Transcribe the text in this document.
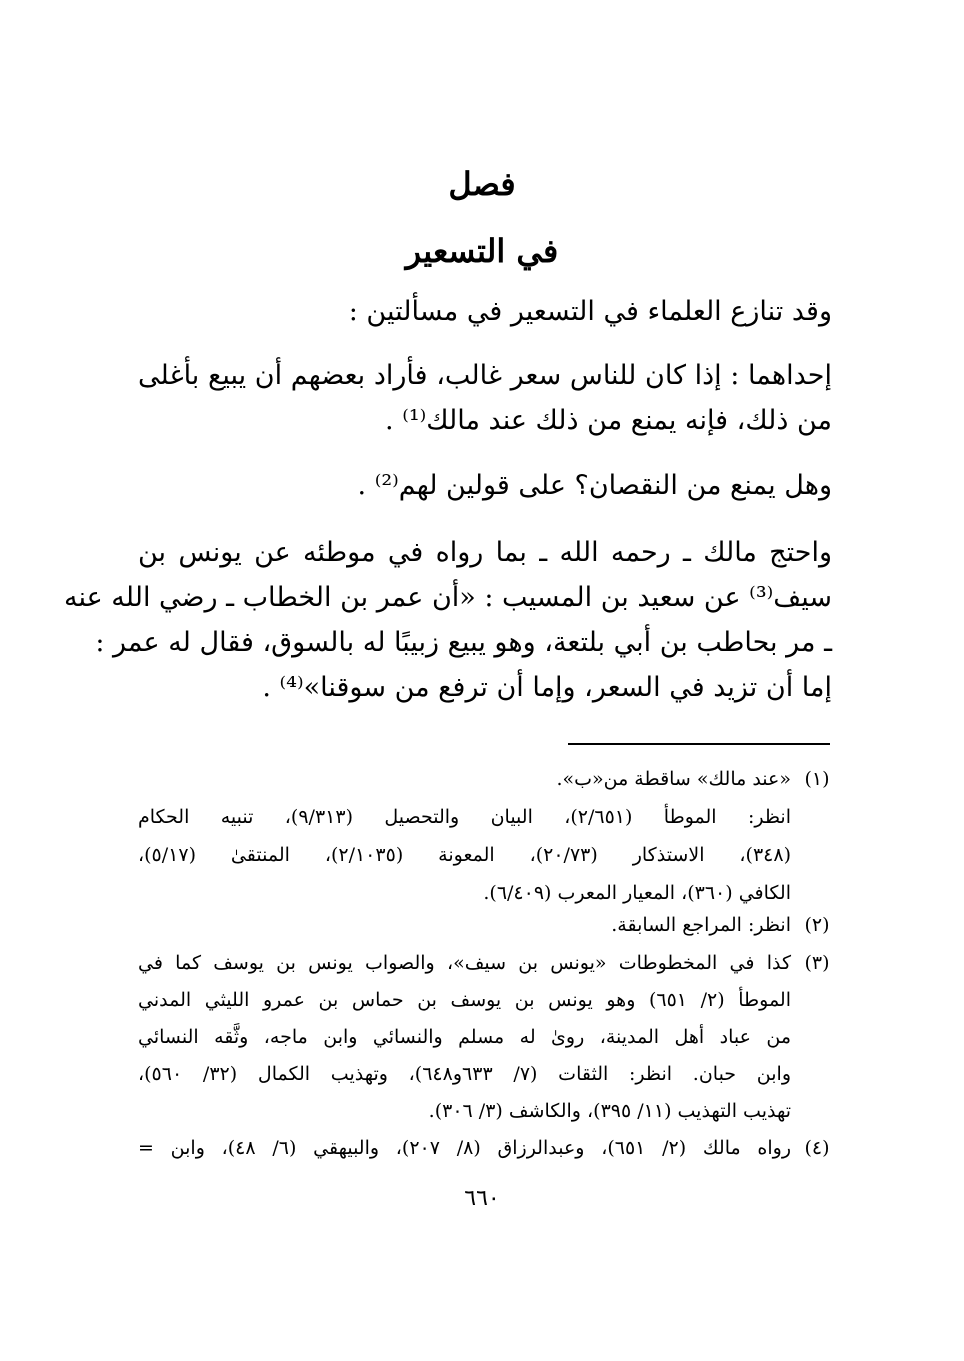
فصل
في التسعير
وقد تنازع العلماء في التسعير في مسألتين :
إحداهما : إذا كان للناس سعر غالب، فأراد بعضهم أن يبيع بأغلى
من ذلك، فإنه يمنع من ذلك عند مالك⁽¹⁾ .
وهل يمنع من النقصان؟ على قولين لهم⁽²⁾ .
واحتج مالك ـ رحمه الله ـ بما رواه في موطئه عن يونس بن
سيف⁽³⁾ عن سعيد بن المسيب : «أن عمر بن الخطاب ـ رضي الله عنه
ـ مر بحاطب بن أبي بلتعة، وهو يبيع زبيبًا له بالسوق، فقال له عمر :
إما أن تزيد في السعر، وإما أن ترفع من سوقنا»⁽⁴⁾ .
(١)
«عند مالك» ساقطة من«ب».
انظر: الموطأ (٢/٦٥١)، البيان والتحصيل (٩/٣١٣)، تنبيه الحكام
(٣٤٨)، الاستذكار (٢٠/٧٣)، المعونة (٢/١٠٣٥)، المنتقىٰ (٥/١٧)،
الكافي (٣٦٠)، المعيار المعرب (٦/٤٠٩).
(٢)
انظر: المراجع السابقة.
(٣)
كذا في المخطوطات «يونس بن سيف»، والصواب يونس بن يوسف كما في
الموطأ (٢/ ٦٥١) وهو يونس بن يوسف بن حماس بن عمرو الليثي المدني
من عباد أهل المدينة، روىٰ له مسلم والنسائي وابن ماجه، وثَّقه النسائي
وابن حبان. انظر: الثقات (٧/ ٦٣٣و٦٤٨)، وتهذيب الكمال (٣٢/ ٥٦٠)،
تهذيب التهذيب (١١/ ٣٩٥)، والكاشف (٣/ ٣٠٦).
(٤)
رواه مالك (٢/ ٦٥١)، وعبدالرزاق (٨/ ٢٠٧)، والبيهقي (٦/ ٤٨)، وابن =
٦٦٠
